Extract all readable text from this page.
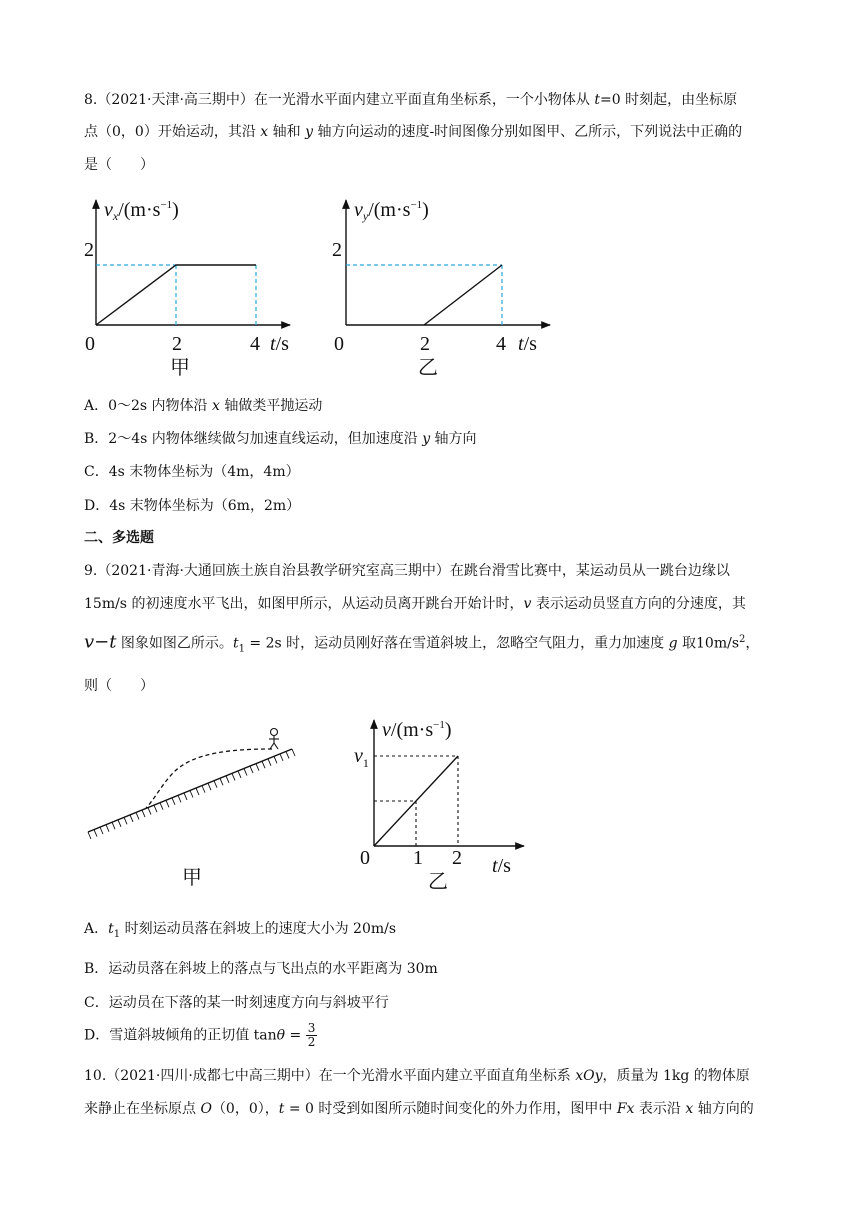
8.（2021·天津·高三期中）在一光滑水平面内建立平面直角坐标系，一个小物体从 t=0 时刻起，由坐标原
点（0，0）开始运动，其沿 x 轴和 y 轴方向运动的速度-时间图像分别如图甲、乙所示，下列说法中正确的
是（　　）
$v_x/(m\cdot s^{-1})$
2
0	2	4 t/s
甲
$v_y/(m\cdot s^{-1})$
2
0	2	4 t/s
乙
A．0～2s 内物体沿 x 轴做类平抛运动
B．2～4s 内物体继续做匀加速直线运动，但加速度沿 y 轴方向
C．4s 末物体坐标为（4m，4m）
D．4s 末物体坐标为（6m，2m）
二、多选题
9.（2021·青海·大通回族土族自治县教学研究室高三期中）在跳台滑雪比赛中，某运动员从一跳台边缘以
15m/s 的初速度水平飞出，如图甲所示，从运动员离开跳台开始计时，v 表示运动员竖直方向的分速度，其
v−t 图象如图乙所示。$t_1 = 2s$ 时，运动员刚好落在雪道斜坡上，忽略空气阻力，重力加速度 g 取$10m/s^2$，
则（　　）
甲
$v/(m\cdot s^{-1})$
$v_1$
0 1 2 t/s
乙
A．$t_1$ 时刻运动员落在斜坡上的速度大小为 20m/s
B．运动员落在斜坡上的落点与飞出点的水平距离为 30m
C．运动员在下落的某一时刻速度方向与斜坡平行
D．雪道斜坡倾角的正切值 $\tan\theta = \frac{3}{2}$
10.（2021·四川·成都七中高三期中）在一个光滑水平面内建立平面直角坐标系 xOy，质量为 1kg 的物体原
来静止在坐标原点 O（0，0），t = 0 时受到如图所示随时间变化的外力作用，图甲中 Fx 表示沿 x 轴方向的
